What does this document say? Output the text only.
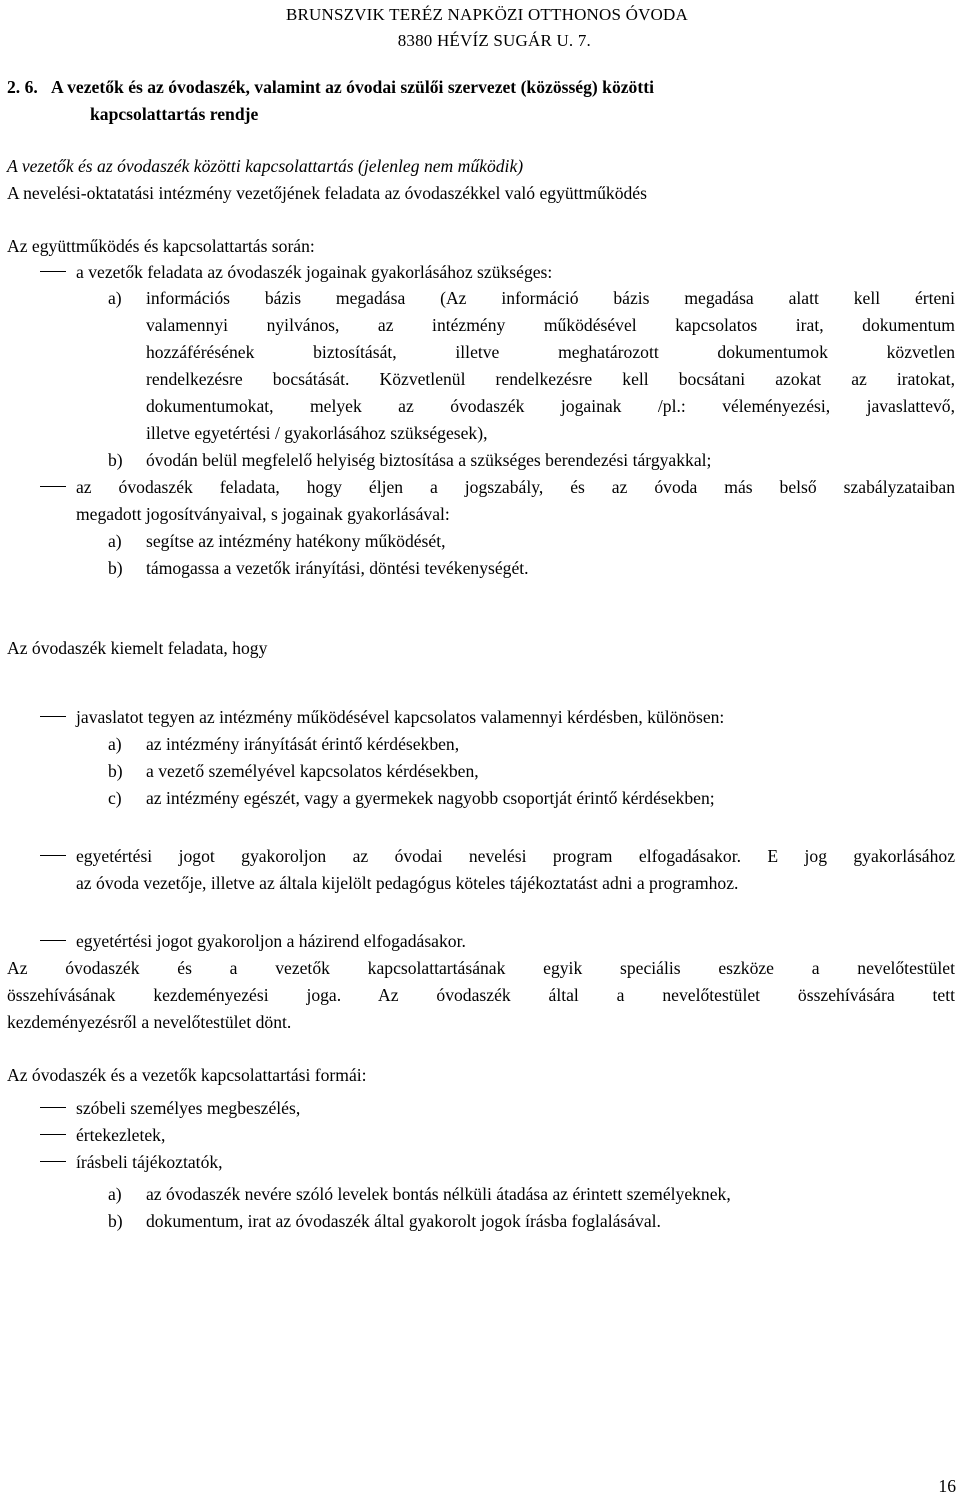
BRUNSZVIK TERÉZ NAPKÖZI OTTHONOS ÓVODA
8380 HÉVÍZ SUGÁR U. 7.
2. 6. A vezetők és az óvodaszék, valamint az óvodai szülői szervezet (közösség) közötti
kapcsolattartás rendje
A vezetők és az óvodaszék közötti kapcsolattartás (jelenleg nem működik)
A nevelési-oktatatási intézmény vezetőjének feladata az óvodaszékkel való együttműködés
Az együttműködés és kapcsolattartás során:
a vezetők feladata az óvodaszék jogainak gyakorlásához szükséges:
a)	információs bázis megadása (Az információ bázis megadása alatt kell érteni
valamennyi nyilvános, az intézmény működésével kapcsolatos irat, dokumentum
hozzáférésének biztosítását, illetve meghatározott dokumentumok közvetlen
rendelkezésre bocsátását. Közvetlenül rendelkezésre kell bocsátani azokat az iratokat,
dokumentumokat, melyek az óvodaszék jogainak /pl.: véleményezési, javaslattevő,
illetve egyetértési / gyakorlásához szükségesek),
b)	óvodán belül megfelelő helyiség biztosítása a szükséges berendezési tárgyakkal;
az óvodaszék feladata, hogy éljen a jogszabály, és az óvoda más belső szabályzataiban
megadott jogosítványaival, s jogainak gyakorlásával:
a)	segítse az intézmény hatékony működését,
b)	támogassa a vezetők irányítási, döntési tevékenységét.
Az óvodaszék kiemelt feladata, hogy
javaslatot tegyen az intézmény működésével kapcsolatos valamennyi kérdésben, különösen:
a)	az intézmény irányítását érintő kérdésekben,
b)	a vezető személyével kapcsolatos kérdésekben,
c)	az intézmény egészét, vagy a gyermekek nagyobb csoportját érintő kérdésekben;
egyetértési jogot gyakoroljon az óvodai nevelési program elfogadásakor. E jog gyakorlásához
az óvoda vezetője, illetve az általa kijelölt pedagógus köteles tájékoztatást adni a programhoz.
egyetértési jogot gyakoroljon a házirend elfogadásakor.
Az óvodaszék és a vezetők kapcsolattartásának egyik speciális eszköze a nevelőtestület
összehívásának kezdeményezési joga. Az óvodaszék által a nevelőtestület összehívására tett
kezdeményezésről a nevelőtestület dönt.
Az óvodaszék és a vezetők kapcsolattartási formái:
szóbeli személyes megbeszélés,
értekezletek,
írásbeli tájékoztatók,
a)	az óvodaszék nevére szóló levelek bontás nélküli átadása az érintett személyeknek,
b)	dokumentum, irat az óvodaszék által gyakorolt jogok írásba foglalásával.
16
